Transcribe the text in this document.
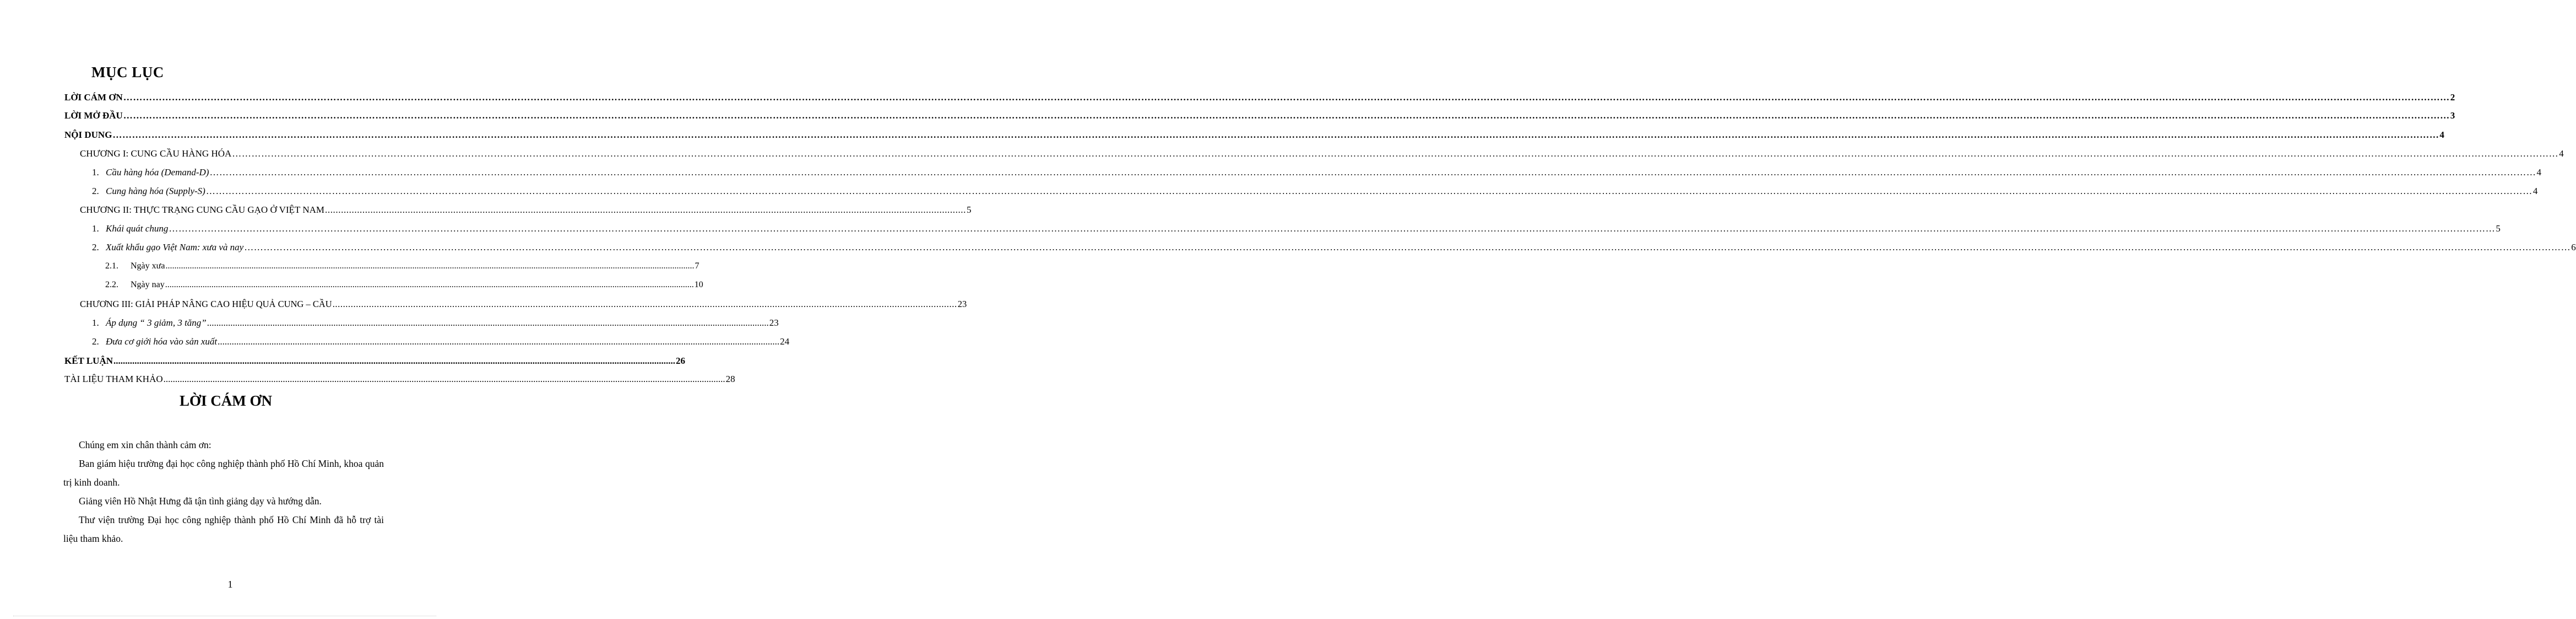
MỤC LỤC
LỜI CÁM ƠN ……………………………………………………………………………………………………………………………………………………………………………………………………………………………………………………………………………………………………………………………………………………………………………………………………………………………………………………………………………………………………………………………………………………………………………………………………………………………………………………………… 2
LỜI MỞ ĐẦU ……………………………………………………………………………………………………………………………………………………………………………………………………………………………………………………………………………………………………………………………………………………………………………………………………………………………………………………………………………………………………………………………………………………………………………………………………………………………………………………………… 3
NỘI DUNG ……………………………………………………………………………………………………………………………………………………………………………………………………………………………………………………………………………………………………………………………………………………………………………………………………………………………………………………………………………………………………………………………………………………………………………………………………………………………………………………………… 4
CHƯƠNG I: CUNG CẦU HÀNG HÓA ……………………………………………………………………………………………………………………………………………………………………………………………………………………………………………………………………………………………………………………………………………………………………………………………………………………………………………………………………………………………………………………………………………………………………………………………………………………………………………………………… 4
1. Cầu hàng hóa (Demand-D) ……………………………………………………………………………………………………………………………………………………………………………………………………………………………………………………………………………………………………………………………………………………………………………………………………………………………………………………………………………………………………………………………………………………………………………………………………………………………………………………………… 4
2. Cung hàng hóa (Supply-S) ……………………………………………………………………………………………………………………………………………………………………………………………………………………………………………………………………………………………………………………………………………………………………………………………………………………………………………………………………………………………………………………………………………………………………………………………………………………………………………………………… 4
CHƯƠNG II: THỰC TRẠNG CUNG CẦU GẠO Ở VIỆT NAM ................................................................................................................................................................................................................................................ 5
1. Khái quát chung ……………………………………………………………………………………………………………………………………………………………………………………………………………………………………………………………………………………………………………………………………………………………………………………………………………………………………………………………………………………………………………………………………………………………………………………………………………………………………………………………… 5
2. Xuất khẩu gạo Việt Nam: xưa và nay ……………………………………………………………………………………………………………………………………………………………………………………………………………………………………………………………………………………………………………………………………………………………………………………………………………………………………………………………………………………………………………………………………………………………………………………………………………………………………………………………… 6
2.1.	Ngày xưa ................................................................................................................................................................................................................................................ 7
2.2.	Ngày nay ................................................................................................................................................................................................................................................ 10
CHƯƠNG III: GIẢI PHÁP NÂNG CAO HIỆU QUẢ CUNG – CẦU ................................................................................................................................................................................................................................................ 23
1. Áp dụng “ 3 giảm, 3 tăng” ................................................................................................................................................................................................................................................ 23
2. Đưa cơ giới hóa vào sản xuất ................................................................................................................................................................................................................................................ 24
KẾT LUẬN ................................................................................................................................................................................................................................................ 26
TÀI LIỆU THAM KHẢO ................................................................................................................................................................................................................................................ 28
LỜI CÁM ƠN
Chúng em xin chân thành cảm ơn:
Ban giám hiệu trường đại học công nghiệp thành phố Hồ Chí Minh, khoa quản trị kinh doanh.
Giảng viên Hồ Nhật Hưng đã tận tình giảng dạy và hướng dẫn.
Thư viện trường Đại học công nghiệp thành phố Hồ Chí Minh đã hỗ trợ tài liệu tham khảo.
1
